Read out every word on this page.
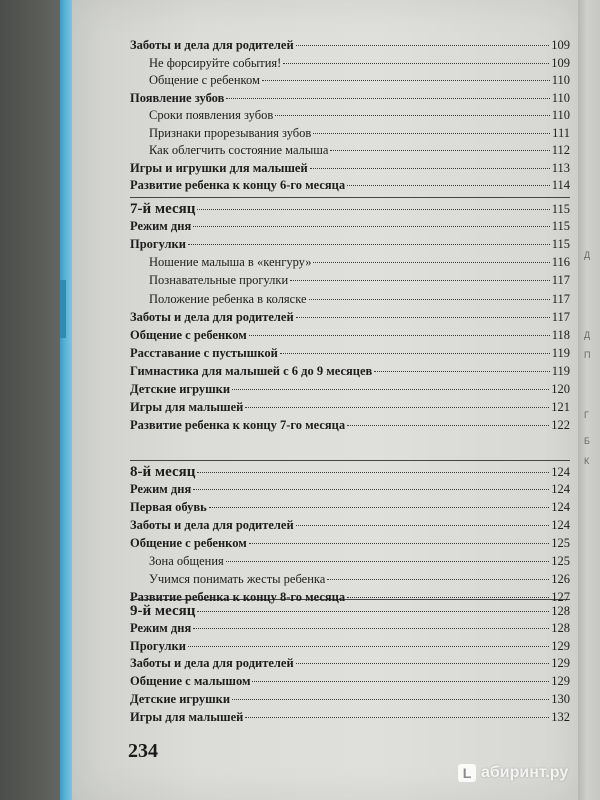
Заботы и дела для родителей	109
Не форсируйте события!	109
Общение с ребенком	110
Появление зубов	110
Сроки появления зубов	110
Признаки прорезывания зубов	111
Как облегчить состояние малыша	112
Игры и игрушки для малышей	113
Развитие ребенка к концу 6-го месяца	114
7-й месяц	115
Режим дня	115
Прогулки	115
Ношение малыша в «кенгуру»	116
Познавательные прогулки	117
Положение ребенка в коляске	117
Заботы и дела для родителей	117
Общение с ребенком	118
Расставание с пустышкой	119
Гимнастика для малышей с 6 до 9 месяцев	119
Детские игрушки	120
Игры для малышей	121
Развитие ребенка к концу 7-го месяца	122
8-й месяц	124
Режим дня	124
Первая обувь	124
Заботы и дела для родителей	124
Общение с ребенком	125
Зона общения	125
Учимся понимать жесты ребенка	126
Развитие ребенка к концу 8-го месяца	127
9-й месяц	128
Режим дня	128
Прогулки	129
Заботы и дела для родителей	129
Общение с малышом	129
Детские игрушки	130
Игры для малышей	132
234
Д
Д
П
Г
Б
К
L абиринт.ру
